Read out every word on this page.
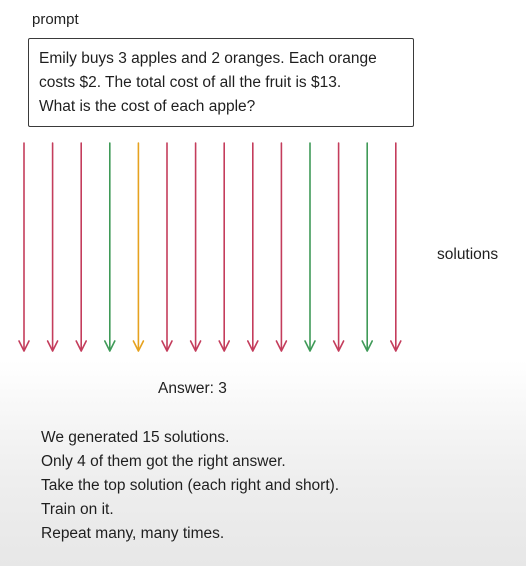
prompt
Emily buys 3 apples and 2 oranges. Each orange
costs $2. The total cost of all the fruit is $13.
What is the cost of each apple?
solutions
Answer: 3
We generated 15 solutions.
Only 4 of them got the right answer.
Take the top solution (each right and short).
Train on it.
Repeat many, many times.
